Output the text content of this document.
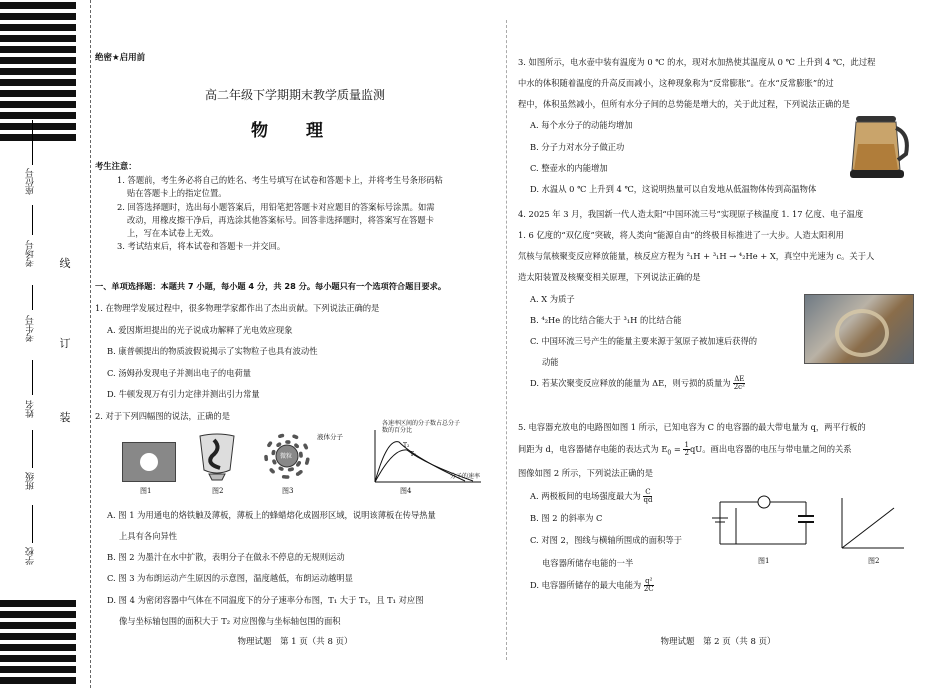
线
订
装
座位号
考场号
考生号
姓名
班级
学校
绝密★启用前
高二年级下学期期末教学质量监测
物 理
考生注意：
1. 答题前，考生务必将自己的姓名、考生号填写在试卷和答题卡上，并将考生号条形码粘
贴在答题卡上的指定位置。
2. 回答选择题时，选出每小题答案后，用铅笔把答题卡对应题目的答案标号涂黑。如需
改动，用橡皮擦干净后，再选涂其他答案标号。回答非选择题时，将答案写在答题卡
上，写在本试卷上无效。
3. 考试结束后，将本试卷和答题卡一并交回。
一、单项选择题：本题共 7 小题，每小题 4 分，共 28 分。每小题只有一个选项符合题目要求。
1. 在物理学发展过程中，很多物理学家都作出了杰出贡献。下列说法正确的是
A. 爱因斯坦提出的光子说成功解释了光电效应现象
B. 康普顿提出的物质波假说揭示了实物粒子也具有波动性
C. 汤姆孙发现电子并测出电子的电荷量
D. 牛顿发现万有引力定律并测出引力常量
2. 对于下列四幅图的说法，正确的是
图1	图2
微粒
液体分子
图3
各速率区间的分子数占总分子数的百分比
T₂
T₁
分子的速率
图4
A. 图 1 为用通电的烙铁触及薄板，薄板上的蜂蜡熔化成圆形区域，说明该薄板在传导热量
上具有各向异性
B. 图 2 为墨汁在水中扩散，表明分子在做永不停息的无规则运动
C. 图 3 为布朗运动产生原因的示意图，温度越低，布朗运动越明显
D. 图 4 为密闭容器中气体在不同温度下的分子速率分布图，T₁ 大于 T₂，且 T₁ 对应图
像与坐标轴包围的面积大于 T₂ 对应图像与坐标轴包围的面积
物理试题　第 1 页（共 8 页）
3. 如图所示，电水壶中装有温度为 0 ℃ 的水，现对水加热使其温度从 0 ℃ 上升到 4 ℃，此过程
中水的体积随着温度的升高反而减小，这种现象称为“反常膨胀”。在水“反常膨胀”的过
程中，体积虽然减小，但所有水分子间的总势能是增大的，关于此过程，下列说法正确的是
A. 每个水分子的动能均增加
B. 分子力对水分子做正功
C. 整壶水的内能增加
D. 水温从 0 ℃ 上升到 4 ℃，这说明热量可以自发地从低温物体传到高温物体
4. 2025 年 3 月，我国新一代人造太阳“中国环流三号”实现原子核温度 1. 17 亿度、电子温度
1. 6 亿度的“双亿度”突破，将人类向“能源自由”的终极目标推进了一大步。人造太阳利用
氘核与氚核聚变反应释放能量，核反应方程为 ²₁H + ³₁H → ⁴₂He + X，真空中光速为 c。关于人
造太阳装置及核聚变相关原理，下列说法正确的是
A. X 为质子
B. ⁴₂He 的比结合能大于 ³₁H 的比结合能
C. 中国环流三号产生的能量主要来源于氢原子被加速后获得的
动能
D. 若某次聚变反应释放的能量为 ΔE，则亏损的质量为 $\frac{\Delta E}{\text{2c²}}$
5. 电容器充放电的电路图如图 1 所示，已知电容为 C 的电容器的最大带电量为 q，两平行板的
间距为 d，电容器储存电能的表达式为 $E_0 = \frac{1}{2}$ qU。画出电容器的电压与带电量之间的关系
图像如图 2 所示，下列说法正确的是
A. 两极板间的电场强度最大为 $\frac{C}{qd}$
B. 图 2 的斜率为 C
C. 对图 2，图线与横轴所围成的面积等于
电容器所储存电能的一半
D. 电容器所储存的最大电能为 $\frac{\text{q²}}{2C}$
图1	图2
物理试题　第 2 页（共 8 页）
